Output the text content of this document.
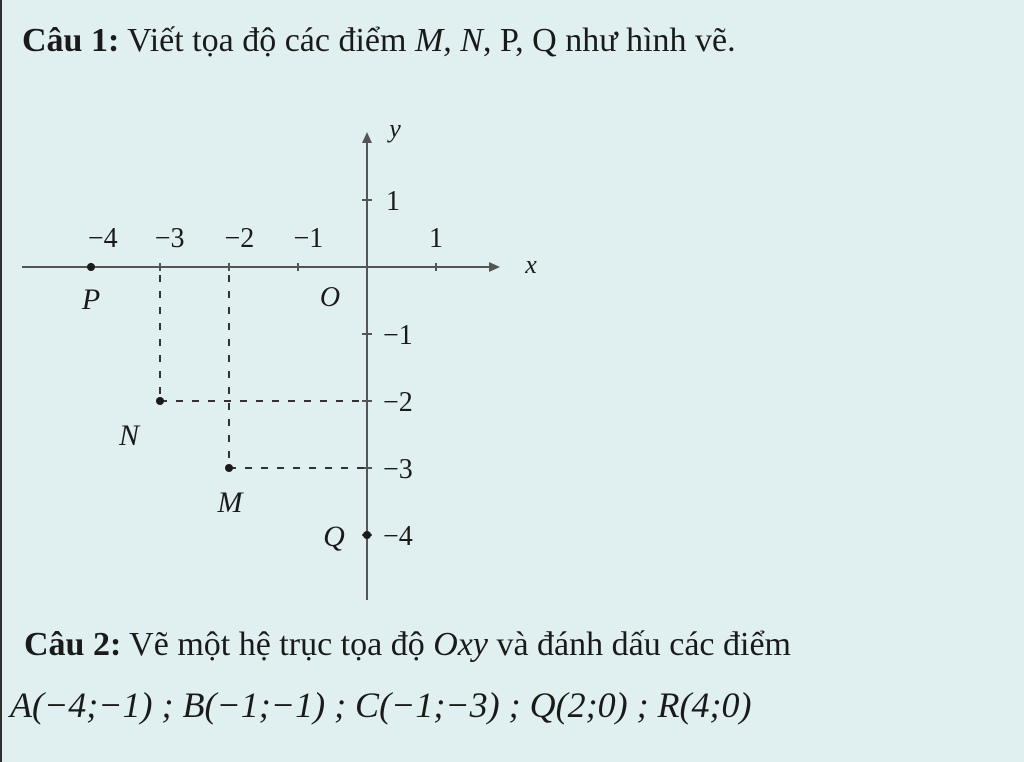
Câu 1: Viết tọa độ các điểm M, N, P, Q như hình vẽ.
x
y
O
−4 −3 −2 −1	1
1
−1
−2
−3
−4
P
N
M
Q
Câu 2: Vẽ một hệ trục tọa độ Oxy và đánh dấu các điểm
A(−4;−1) ; B(−1;−1) ; C(−1;−3) ; Q(2;0) ; R(4;0)
